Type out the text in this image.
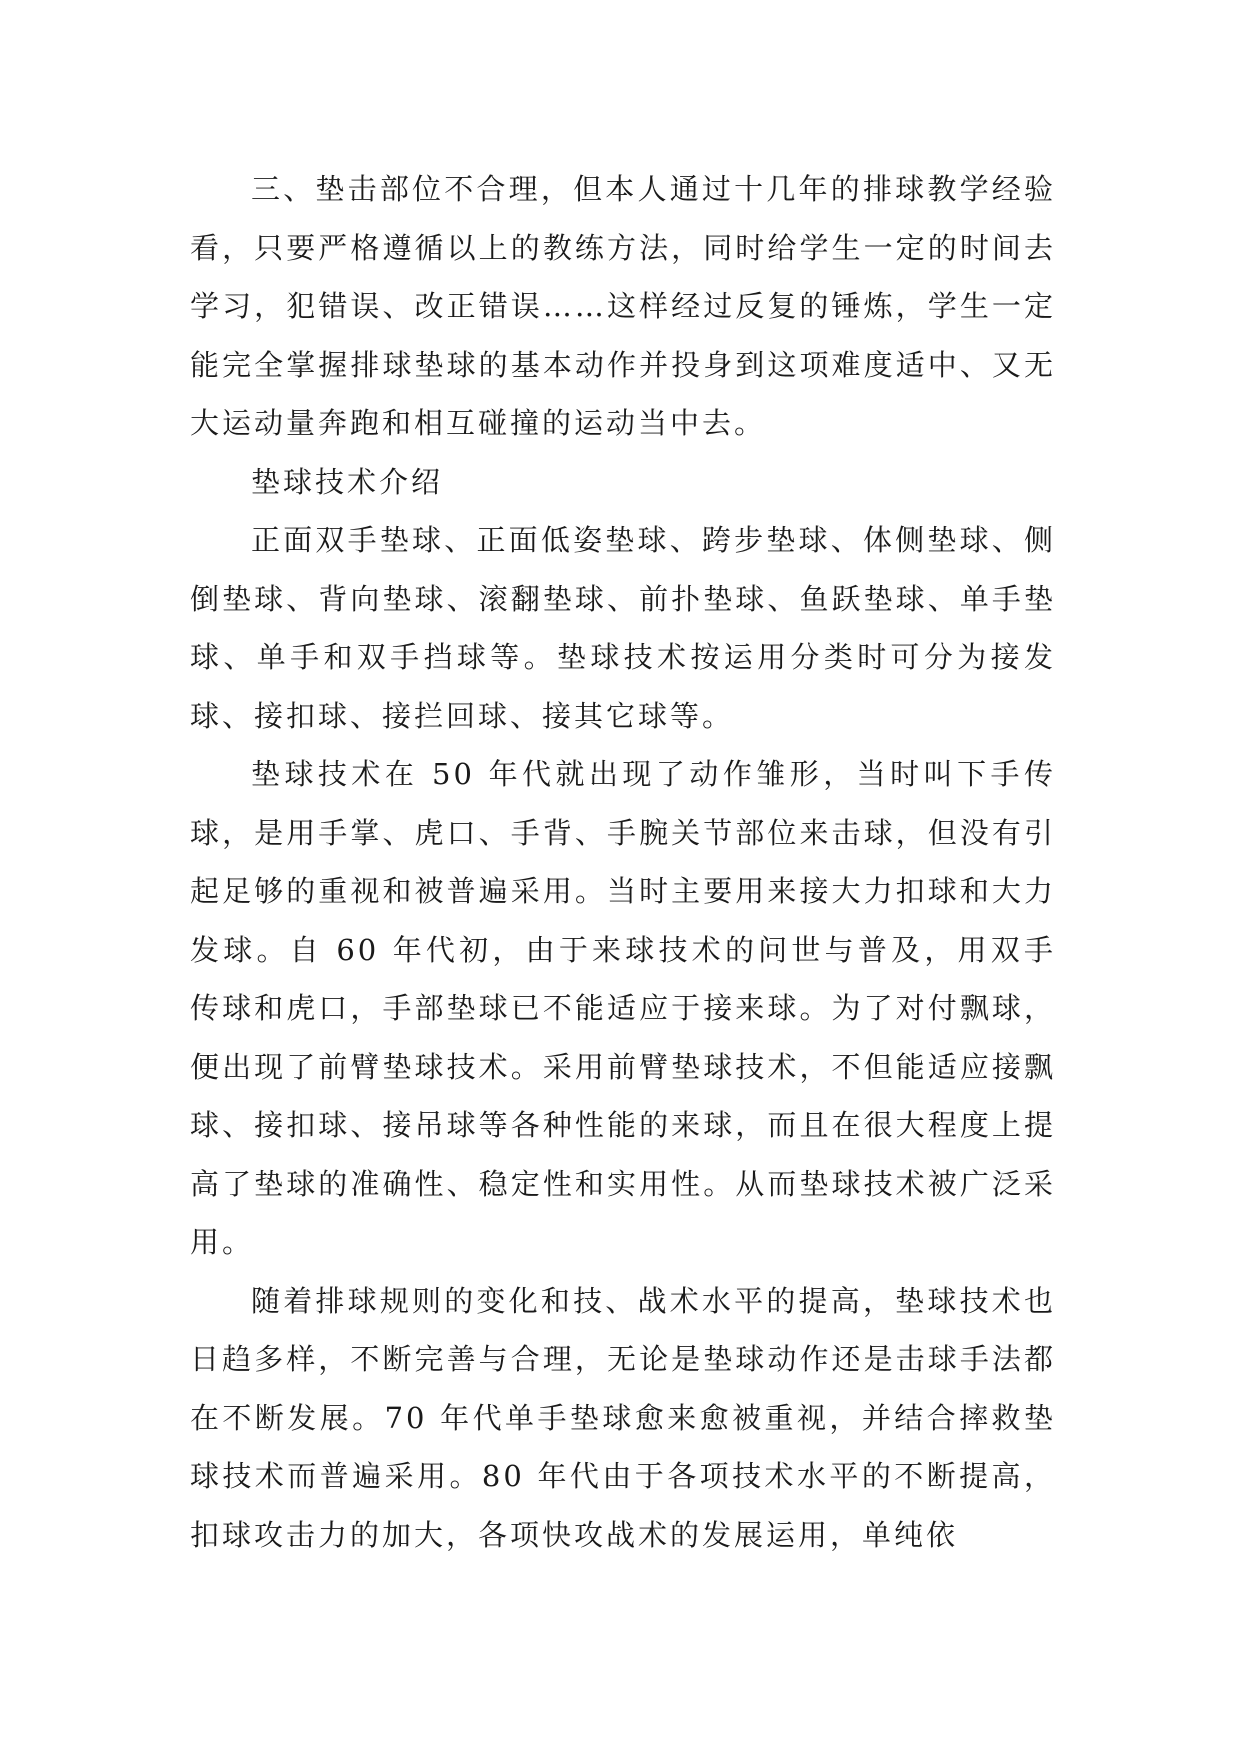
三、垫击部位不合理，但本人通过十几年的排球教学经验看，只要严格遵循以上的教练方法，同时给学生一定的时间去学习，犯错误、改正错误……这样经过反复的锤炼，学生一定能完全掌握排球垫球的基本动作并投身到这项难度适中、又无大运动量奔跑和相互碰撞的运动当中去。

垫球技术介绍

正面双手垫球、正面低姿垫球、跨步垫球、体侧垫球、侧倒垫球、背向垫球、滚翻垫球、前扑垫球、鱼跃垫球、单手垫球、单手和双手挡球等。垫球技术按运用分类时可分为接发球、接扣球、接拦回球、接其它球等。

垫球技术在 50 年代就出现了动作雏形，当时叫下手传球，是用手掌、虎口、手背、手腕关节部位来击球，但没有引起足够的重视和被普遍采用。当时主要用来接大力扣球和大力发球。自 60 年代初，由于来球技术的问世与普及，用双手传球和虎口，手部垫球已不能适应于接来球。为了对付飘球，便出现了前臂垫球技术。采用前臂垫球技术，不但能适应接飘球、接扣球、接吊球等各种性能的来球，而且在很大程度上提高了垫球的准确性、稳定性和实用性。从而垫球技术被广泛采用。

随着排球规则的变化和技、战术水平的提高，垫球技术也日趋多样，不断完善与合理，无论是垫球动作还是击球手法都在不断发展。70 年代单手垫球愈来愈被重视，并结合摔救垫球技术而普遍采用。80 年代由于各项技术水平的不断提高，扣球攻击力的加大，各项快攻战术的发展运用，单纯依
